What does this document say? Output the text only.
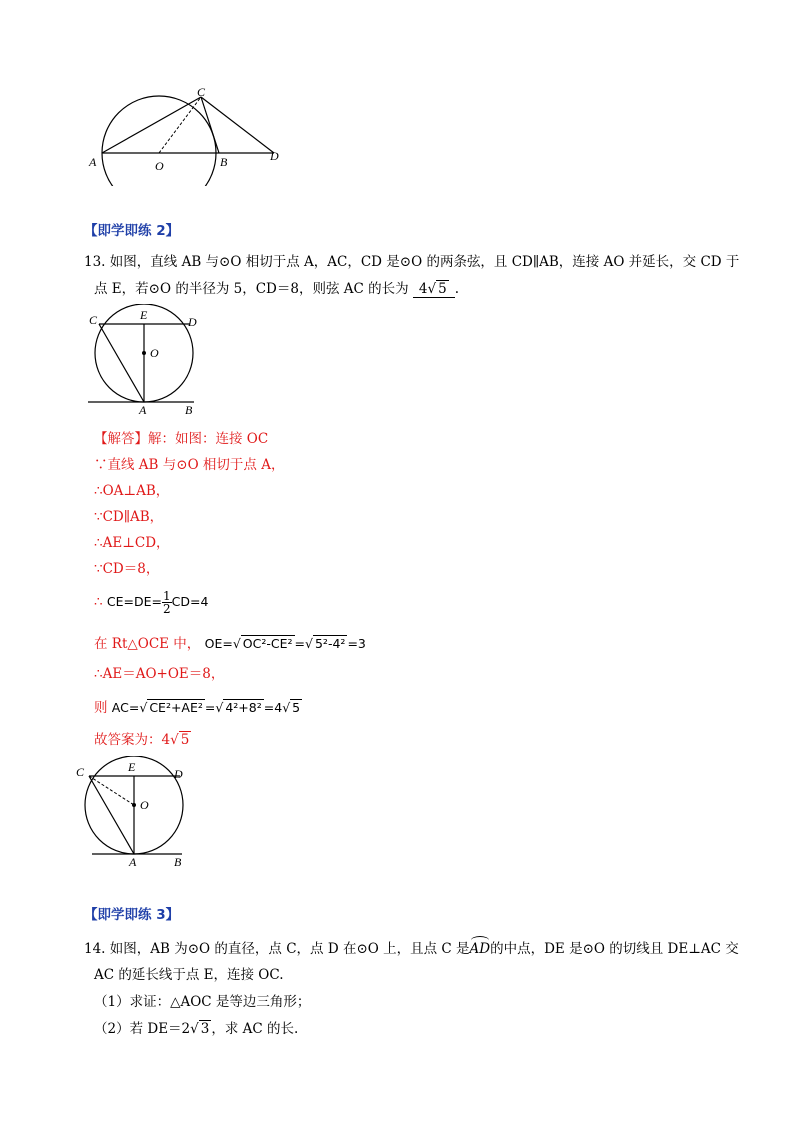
A	O	B
C
D
【即学即练 2】
13. 如图，直线 AB 与⊙O 相切于点 A，AC，CD 是⊙O 的两条弦，且 CD∥AB，连接 AO 并延长，交 CD 于
点 E，若⊙O 的半径为 5，CD＝8，则弦 AC 的长为 4√ 5 .
C	E	D
O
A	B
【解答】解：如图：连接 OC
∵直线 AB 与⊙O 相切于点 A，
∴OA⊥AB，
∵CD∥AB，
∴AE⊥CD，
∵CD＝8，
∴ $CE=DE= \frac{1}{2} CD=4$
在 Rt△OCE 中， OE=√ OC²-CE² =√ 5²-4² =3
∴AE＝AO+OE＝8，
则 AC=√ CE²+AE² =√ 4²+8² =4√ 5
故答案为：4√ 5
C	E	D
O
A	B
【即学即练 3】
14. 如图，AB 为⊙O 的直径，点 C，点 D 在⊙O 上，且点 C 是AD的中点，DE 是⊙O 的切线且 DE⊥AC 交
AC 的延长线于点 E，连接 OC.
（1）求证：△AOC 是等边三角形；
（2）若 DE＝2√ 3 ，求 AC 的长.
